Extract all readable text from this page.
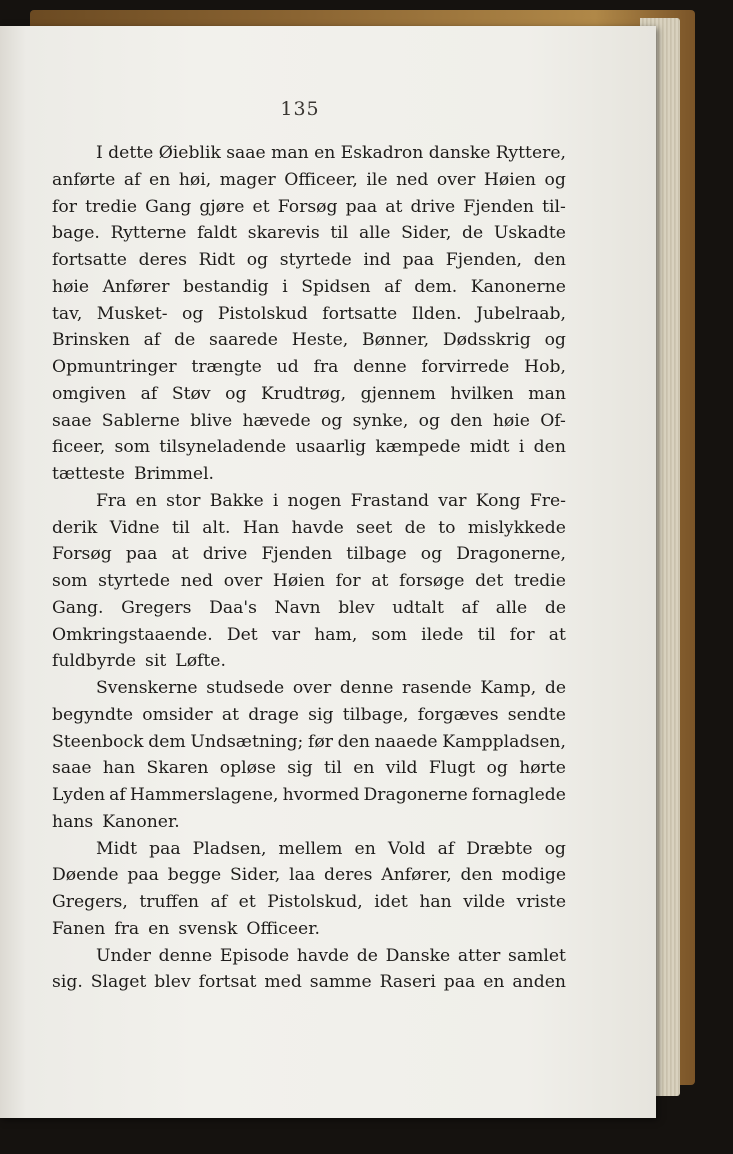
135
I dette Øieblik saae man en Eskadron danske Ryttere,
anførte af en høi, mager Officeer, ile ned over Høien og
for tredie Gang gjøre et Forsøg paa at drive Fjenden til-
bage. Rytterne faldt skarevis til alle Sider, de Uskadte
fortsatte deres Ridt og styrtede ind paa Fjenden, den
høie Anfører bestandig i Spidsen af dem. Kanonerne
tav, Musket- og Pistolskud fortsatte Ilden. Jubelraab,
Brinsken af de saarede Heste, Bønner, Dødsskrig og
Opmuntringer trængte ud fra denne forvirrede Hob,
omgiven af Støv og Krudtrøg, gjennem hvilken man
saae Sablerne blive hævede og synke, og den høie Of-
ficeer, som tilsyneladende usaarlig kæmpede midt i den
tætteste Brimmel.
Fra en stor Bakke i nogen Frastand var Kong Fre-
derik Vidne til alt. Han havde seet de to mislykkede
Forsøg paa at drive Fjenden tilbage og Dragonerne,
som styrtede ned over Høien for at forsøge det tredie
Gang. Gregers Daa's Navn blev udtalt af alle de
Omkringstaaende. Det var ham, som ilede til for at
fuldbyrde sit Løfte.
Svenskerne studsede over denne rasende Kamp, de
begyndte omsider at drage sig tilbage, forgæves sendte
Steenbock dem Undsætning; før den naaede Kamppladsen,
saae han Skaren opløse sig til en vild Flugt og hørte
Lyden af Hammerslagene, hvormed Dragonerne fornaglede
hans Kanoner.
Midt paa Pladsen, mellem en Vold af Dræbte og
Døende paa begge Sider, laa deres Anfører, den modige
Gregers, truffen af et Pistolskud, idet han vilde vriste
Fanen fra en svensk Officeer.
Under denne Episode havde de Danske atter samlet
sig. Slaget blev fortsat med samme Raseri paa en anden
